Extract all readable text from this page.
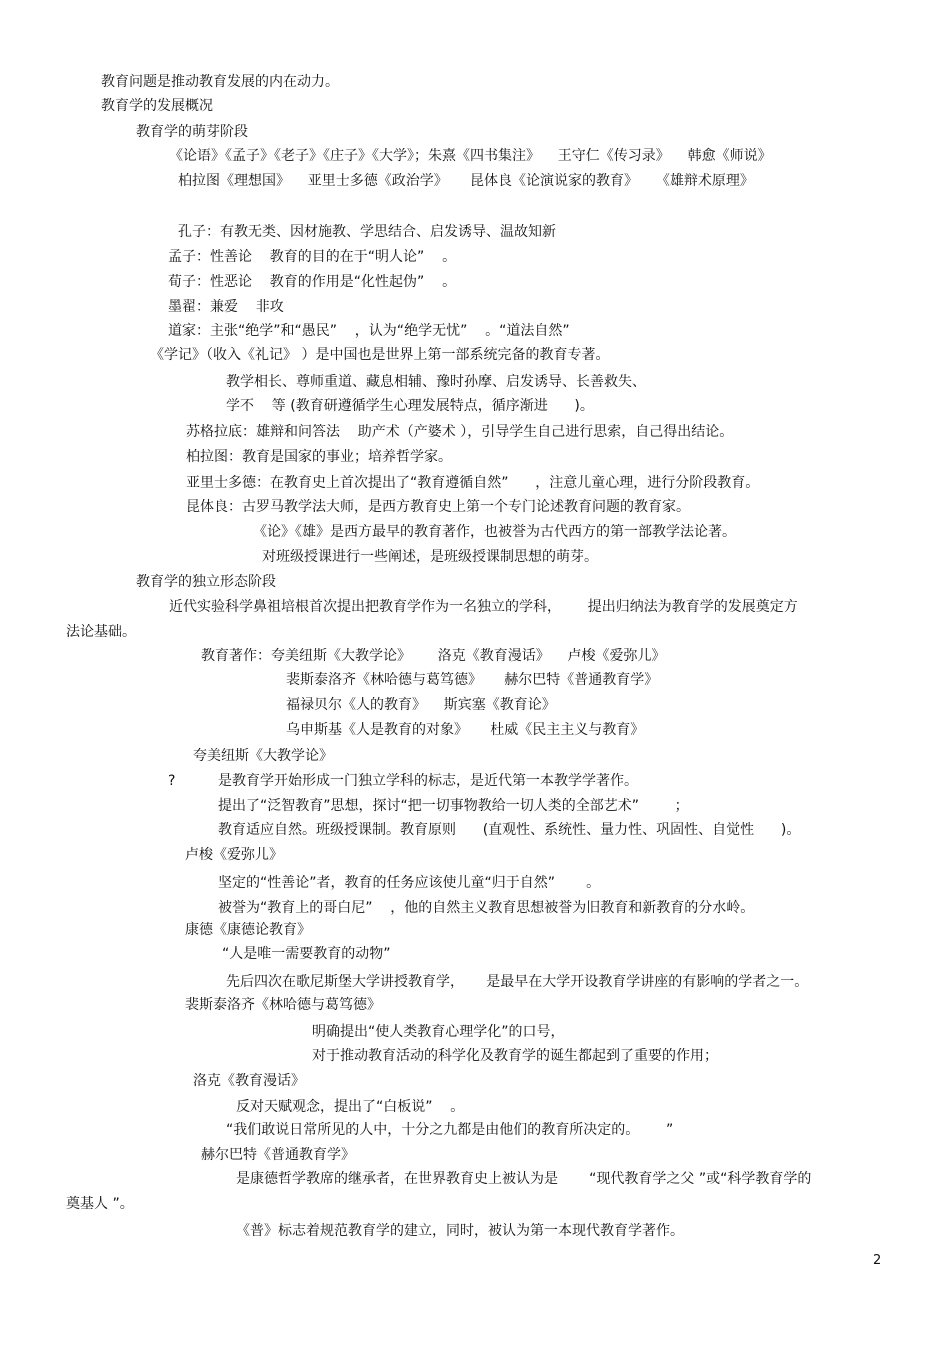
教育问题是推动教育发展的内在动力。
教育学的发展概况
教育学的萌芽阶段
《论语》《孟子》《老子》《庄子》《大学》；朱熹《四书集注》    王守仁《传习录》    韩愈《师说》
柏拉图《理想国》    亚里士多德《政治学》     昆体良《论演说家的教育》    《雄辩术原理》
孔子：有教无类、因材施教、学思结合、启发诱导、温故知新
孟子：性善论    教育的目的在于“明人论”    。
荀子：性恶论    教育的作用是“化性起伪”    。
墨翟：兼爱    非攻
道家：主张“绝学”和“愚民”    ，认为“绝学无忧”    。“道法自然”
《学记》（收入《礼记》 ）是中国也是世界上第一部系统完备的教育专著。
教学相长、尊师重道、藏息相辅、豫时孙摩、启发诱导、长善救失、
学不    等 (教育研遵循学生心理发展特点，循序渐进      )。
苏格拉底：雄辩和问答法    助产术（产婆术 ），引导学生自己进行思索，自己得出结论。
柏拉图：教育是国家的事业；培养哲学家。
亚里士多德：在教育史上首次提出了“教育遵循自然”      ，注意儿童心理，进行分阶段教育。
昆体良：古罗马教学法大师，是西方教育史上第一个专门论述教育问题的教育家。
《论》《雄》是西方最早的教育著作，也被誉为古代西方的第一部教学法论著。
对班级授课进行一些阐述，是班级授课制思想的萌芽。
教育学的独立形态阶段
近代实验科学鼻祖培根首次提出把教育学作为一名独立的学科，      提出归纳法为教育学的发展奠定方
法论基础。
教育著作：夸美纽斯《大教学论》      洛克《教育漫话》    卢梭《爱弥儿》
裴斯泰洛齐《林哈德与葛笃德》     赫尔巴特《普通教育学》
福禄贝尔《人的教育》    斯宾塞《教育论》
乌申斯基《人是教育的对象》     杜威《民主主义与教育》
夸美纽斯《大教学论》
?	是教育学开始形成一门独立学科的标志，是近代第一本教学学著作。
提出了“泛智教育”思想，探讨“把一切事物教给一切人类的全部艺术”        ；
教育适应自然。班级授课制。教育原则      (直观性、系统性、量力性、巩固性、自觉性      )。
卢梭《爱弥儿》
坚定的“性善论”者，教育的任务应该使儿童“归于自然”       。
被誉为“教育上的哥白尼”    ，他的自然主义教育思想被誉为旧教育和新教育的分水岭。
康德《康德论教育》
“人是唯一需要教育的动物”
先后四次在歌尼斯堡大学讲授教育学，     是最早在大学开设教育学讲座的有影响的学者之一。
裴斯泰洛齐《林哈德与葛笃德》
明确提出“使人类教育心理学化”的口号，
对于推动教育活动的科学化及教育学的诞生都起到了重要的作用；
洛克《教育漫话》
反对天赋观念，提出了“白板说”    。
“我们敢说日常所见的人中，十分之九都是由他们的教育所决定的。      ”
赫尔巴特《普通教育学》
是康德哲学教席的继承者，在世界教育史上被认为是       “现代教育学之父 ”或“科学教育学的
奠基人 ”。
《普》标志着规范教育学的建立，同时，被认为第一本现代教育学著作。
2
